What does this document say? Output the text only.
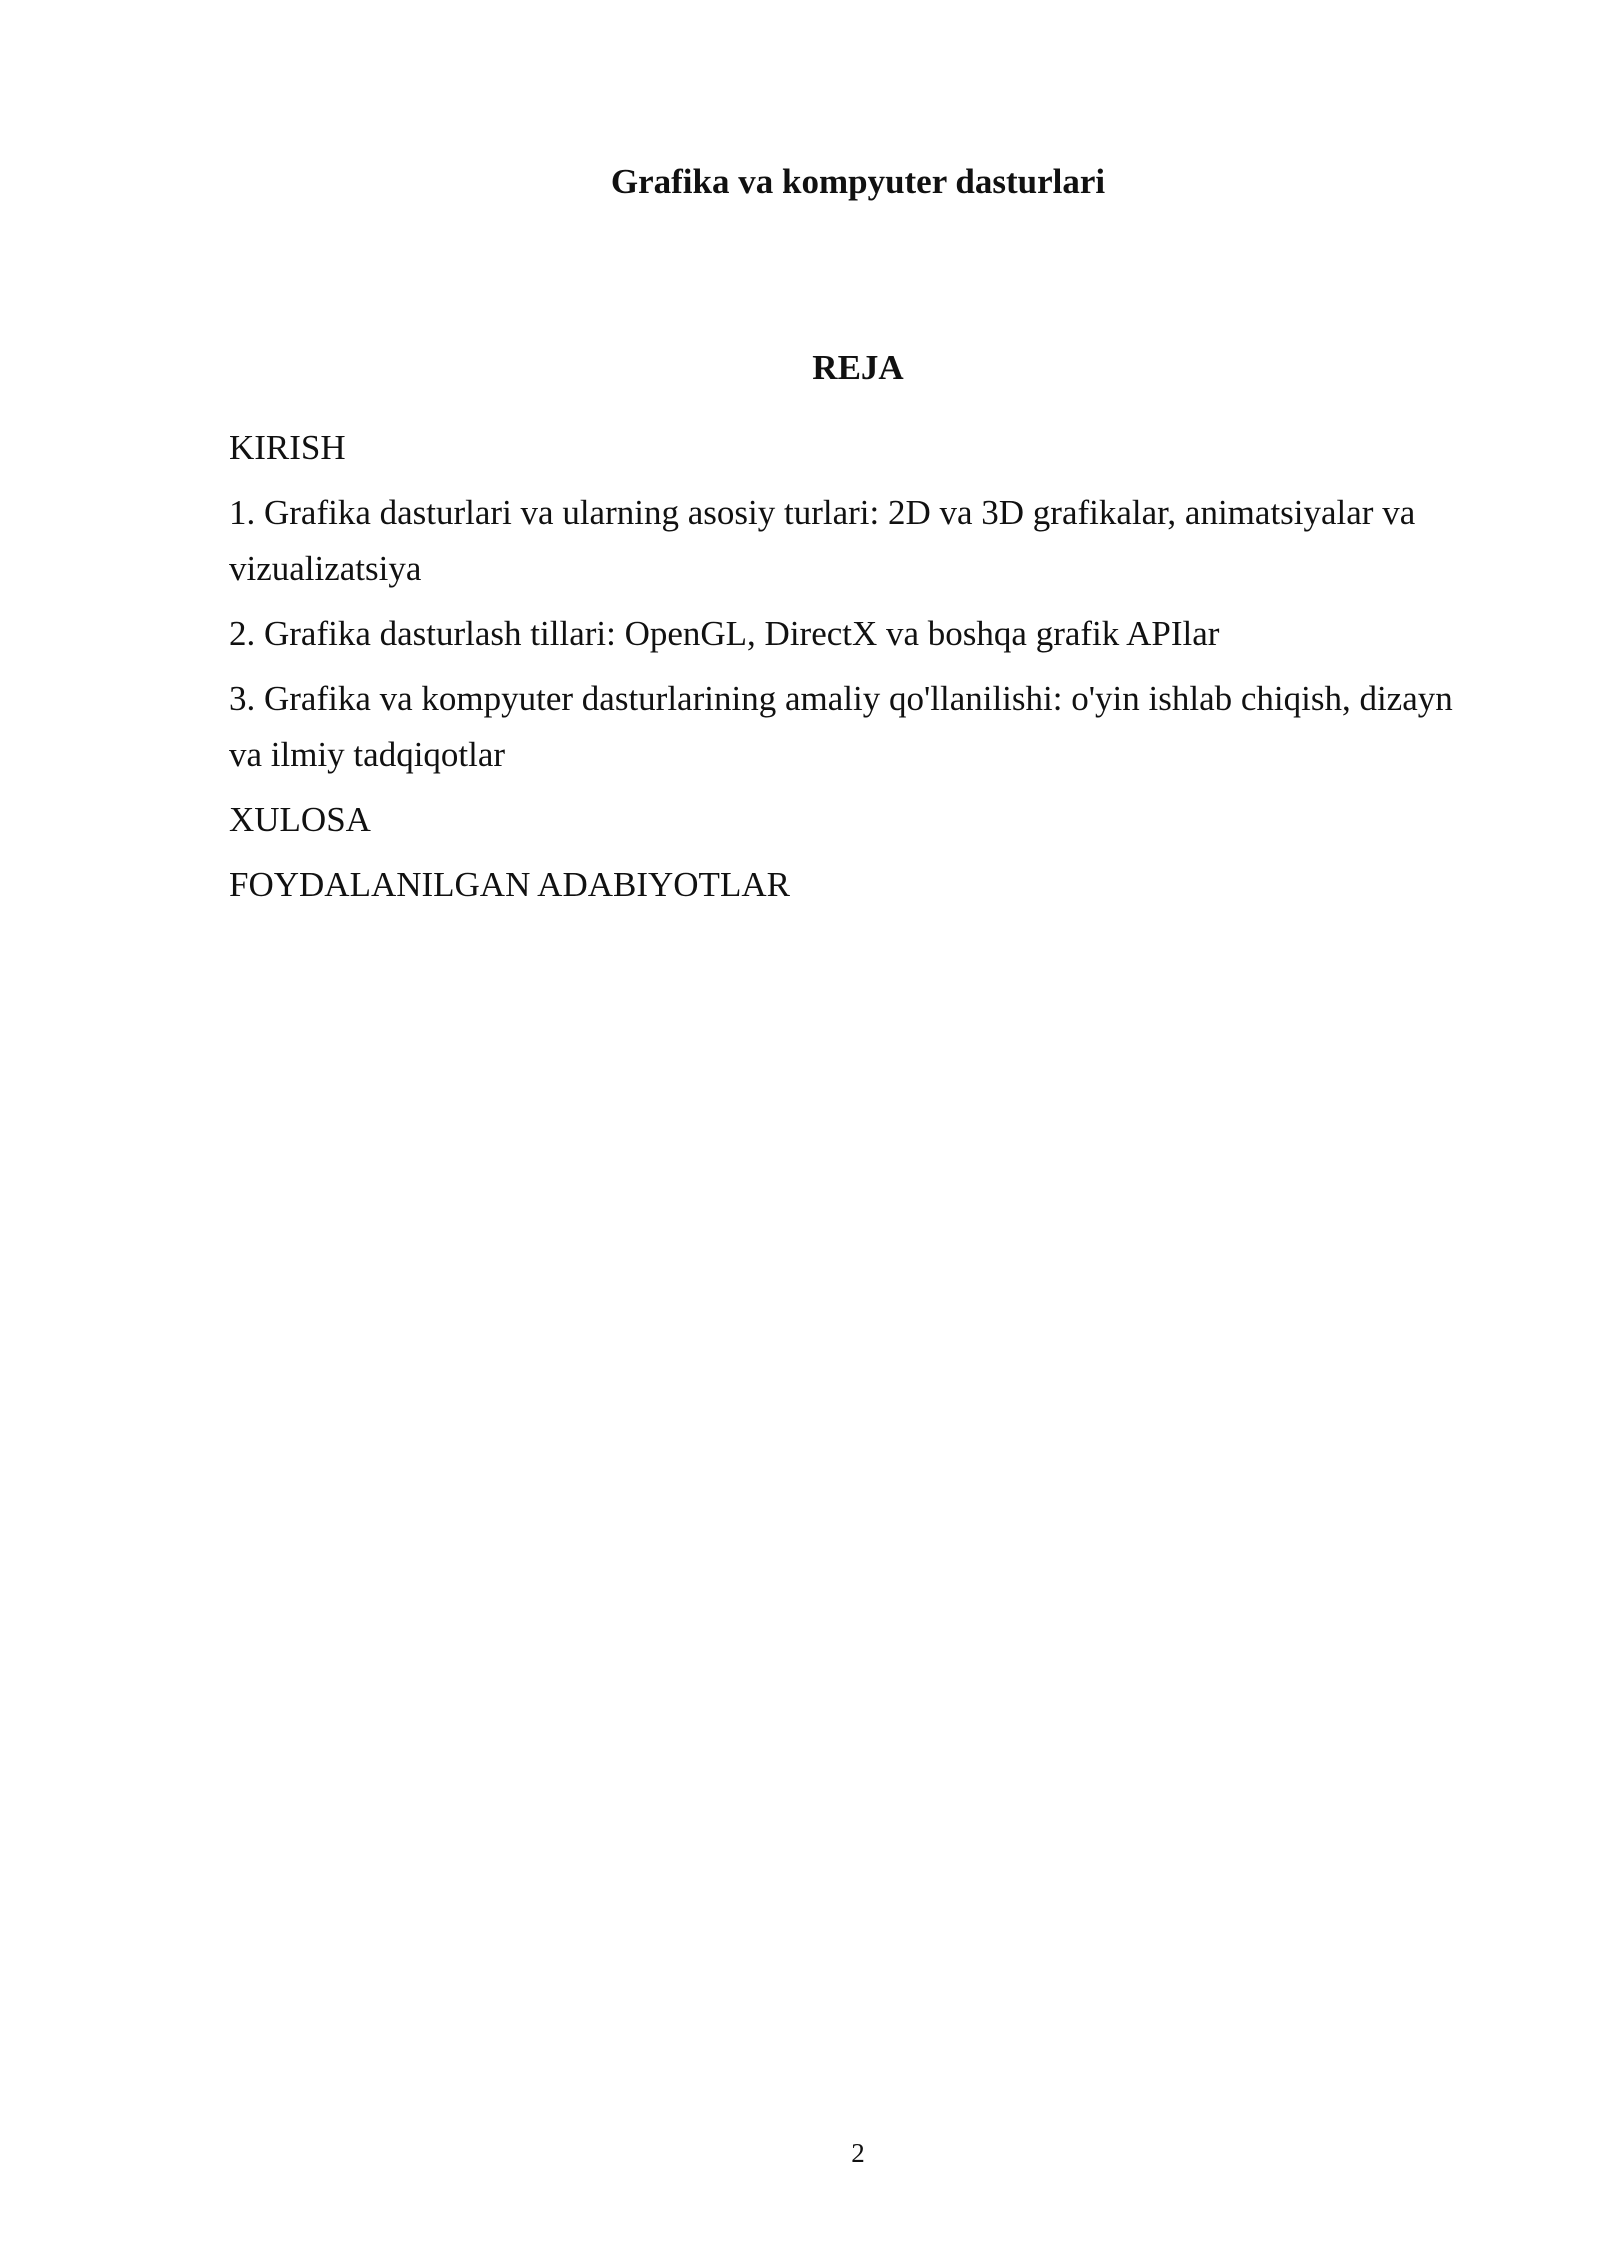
Grafika va kompyuter dasturlari
REJA
KIRISH
1. Grafika dasturlari va ularning asosiy turlari: 2D va 3D grafikalar, animatsiyalar va vizualizatsiya
2. Grafika dasturlash tillari: OpenGL, DirectX va boshqa grafik APIlar
3. Grafika va kompyuter dasturlarining amaliy qo'llanilishi: o'yin ishlab chiqish, dizayn va ilmiy tadqiqotlar
XULOSA
FOYDALANILGAN ADABIYOTLAR
2
